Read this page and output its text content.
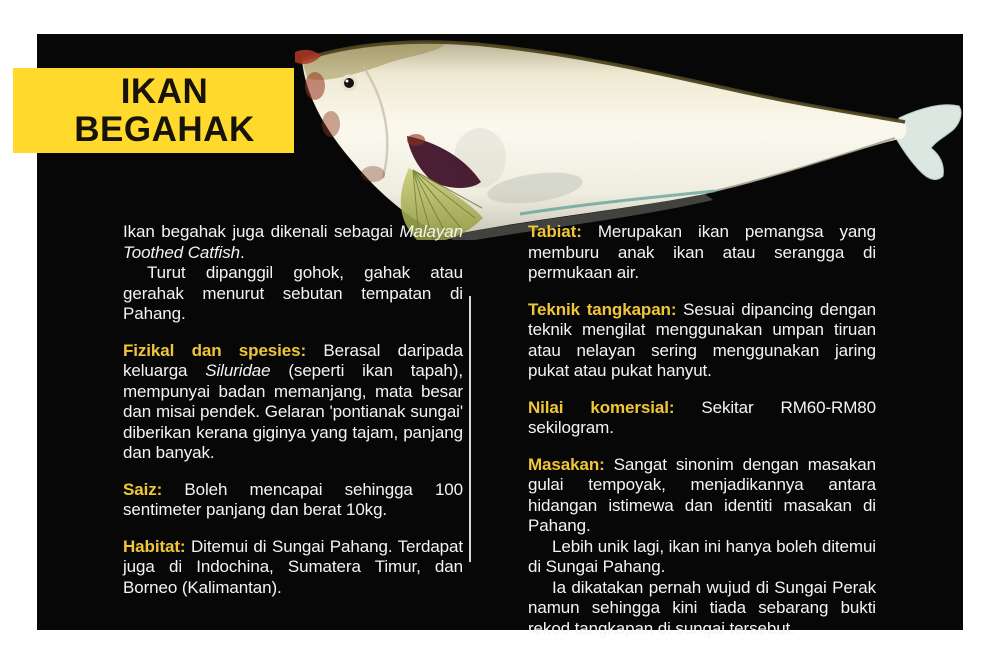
IKAN
BEGAHAK

Ikan begahak juga dikenali sebagai Malayan Toothed Catfish.

Turut dipanggil gohok, gahak atau gerahak menurut sebutan tempatan di Pahang.

Fizikal dan spesies: Berasal daripada keluarga Siluridae (seperti ikan tapah), mempunyai badan memanjang, mata besar dan misai pendek. Gelaran 'pontianak sungai' diberikan kerana giginya yang tajam, panjang dan banyak.

Saiz: Boleh mencapai sehingga 100 sentimeter panjang dan berat 10kg.

Habitat: Ditemui di Sungai Pahang. Terdapat juga di Indochina, Sumatera Timur, dan Borneo (Kalimantan).

Tabiat: Merupakan ikan pemangsa yang memburu anak ikan atau serangga di permukaan air.

Teknik tangkapan: Sesuai dipancing dengan teknik mengilat menggunakan umpan tiruan atau nelayan sering menggunakan jaring pukat atau pukat hanyut.

Nilai komersial: Sekitar RM60-RM80 sekilogram.

Masakan: Sangat sinonim dengan masakan gulai tempoyak, menjadikannya antara hidangan istimewa dan identiti masakan di Pahang.

Lebih unik lagi, ikan ini hanya boleh ditemui di Sungai Pahang.

Ia dikatakan pernah wujud di Sungai Perak namun sehingga kini tiada sebarang bukti rekod tangkapan di sungai tersebut.
